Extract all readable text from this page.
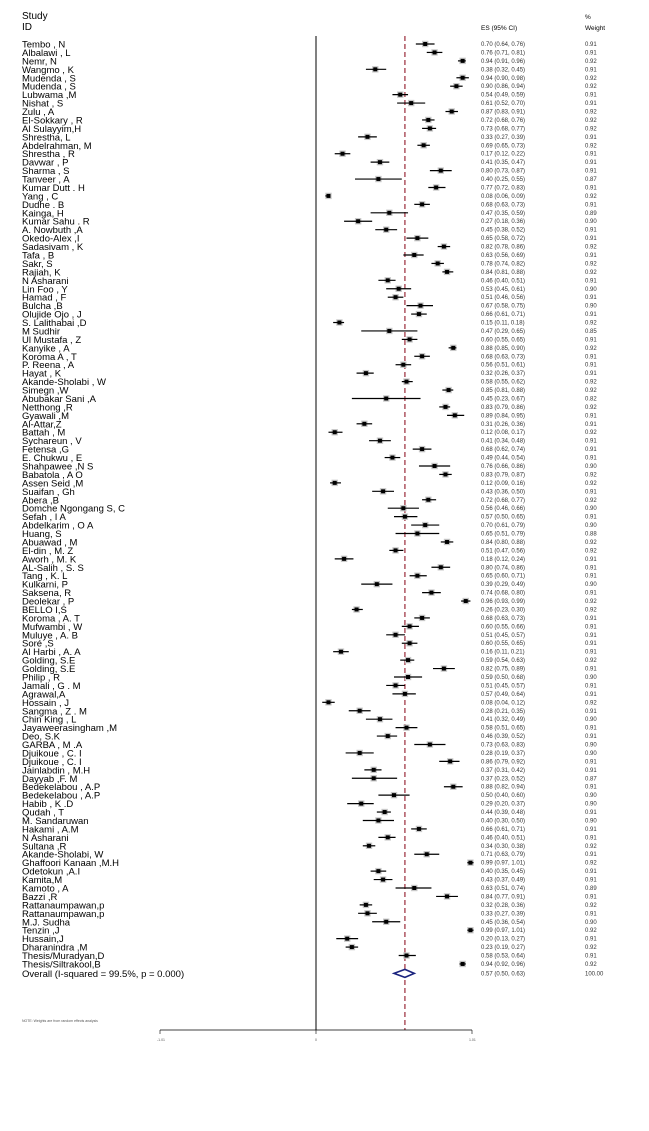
Study
ID	ES (95% CI)
%
Weight
-1.01	0	1.01
Tembo , N	0.70 (0.64, 0.76)	0.91
Albalawi , L	0.76 (0.71, 0.81)	0.91
Nemr, N	0.94 (0.91, 0.96)	0.92
Wangmo , K	0.38 (0.32, 0.45)	0.91
Mudenda , S	0.94 (0.90, 0.98)	0.92
Mudenda , S	0.90 (0.86, 0.94)	0.92
Lubwama ,M	0.54 (0.49, 0.59)	0.91
Nishat , S	0.61 (0.52, 0.70)	0.91
Zulu , A	0.87 (0.83, 0.91)	0.92
El-Sokkary , R	0.72 (0.68, 0.76)	0.92
Al Sulayyim,H	0.73 (0.68, 0.77)	0.92
Shrestha, L	0.33 (0.27, 0.39)	0.91
Abdelrahman, M	0.69 (0.65, 0.73)	0.92
Shrestha , R	0.17 (0.12, 0.22)	0.91
Davwar , P	0.41 (0.35, 0.47)	0.91
Sharma , S	0.80 (0.73, 0.87)	0.91
Tanveer , A	0.40 (0.25, 0.55)	0.87
Kumar Dutt . H	0.77 (0.72, 0.83)	0.91
Yang , C	0.08 (0.06, 0.09)	0.92
Dudhe . B	0.68 (0.63, 0.73)	0.91
Kainga, H	0.47 (0.35, 0.59)	0.89
Kumar Sahu . R	0.27 (0.18, 0.36)	0.90
A. Nowbuth ,A	0.45 (0.38, 0.52)	0.91
Okedo-Alex ,I	0.65 (0.58, 0.72)	0.91
Sadasivam , K	0.82 (0.78, 0.86)	0.92
Tafa , B	0.63 (0.56, 0.69)	0.91
Sakr, S	0.78 (0.74, 0.82)	0.92
Rajiah, K	0.84 (0.81, 0.88)	0.92
N Asharani	0.46 (0.40, 0.51)	0.91
Lin Foo , Y	0.53 (0.45, 0.61)	0.90
Hamad , F	0.51 (0.46, 0.56)	0.91
Bulcha ,B	0.67 (0.58, 0.75)	0.90
Olujide Ojo , J	0.66 (0.61, 0.71)	0.91
S. Lalithabai ,D	0.15 (0.11, 0.18)	0.92
M Sudhir	0.47 (0.29, 0.65)	0.85
Ul Mustafa , Z	0.60 (0.55, 0.65)	0.91
Kanyike , A	0.88 (0.85, 0.90)	0.92
Koroma A , T	0.68 (0.63, 0.73)	0.91
P. Reena , A	0.56 (0.51, 0.61)	0.91
Hayat , K	0.32 (0.26, 0.37)	0.91
Akande-Sholabi , W	0.58 (0.55, 0.62)	0.92
Simegn ,W	0.85 (0.81, 0.88)	0.92
Abubakar Sani ,A	0.45 (0.23, 0.67)	0.82
Netthong ,R	0.83 (0.79, 0.86)	0.92
Gyawali ,M	0.89 (0.84, 0.95)	0.91
Al-Attar,Z	0.31 (0.26, 0.36)	0.91
Battah , M	0.12 (0.08, 0.17)	0.92
Sychareun , V	0.41 (0.34, 0.48)	0.91
Fetensa ,G	0.68 (0.62, 0.74)	0.91
E. Chukwu , E	0.49 (0.44, 0.54)	0.91
Shahpawee ,N S	0.76 (0.66, 0.86)	0.90
Babatola , A O	0.83 (0.79, 0.87)	0.92
Assen Seid ,M	0.12 (0.09, 0.16)	0.92
Suaifan , Gh	0.43 (0.36, 0.50)	0.91
Abera ,B	0.72 (0.68, 0.77)	0.92
Domche Ngongang S, C	0.56 (0.46, 0.66)	0.90
Sefah , I A	0.57 (0.50, 0.65)	0.91
Abdelkarim , O A	0.70 (0.61, 0.79)	0.90
Huang, S	0.65 (0.51, 0.79)	0.88
Abuawad , M	0.84 (0.80, 0.88)	0.92
El-din , M. Z	0.51 (0.47, 0.56)	0.92
Aworh , M. K	0.18 (0.12, 0.24)	0.91
AL-Salih , S. S	0.80 (0.74, 0.86)	0.91
Tang , K. L	0.65 (0.60, 0.71)	0.91
Kulkarni, P	0.39 (0.29, 0.49)	0.90
Saksena, R	0.74 (0.68, 0.80)	0.91
Deolekar , P	0.96 (0.93, 0.99)	0.92
BELLO I,S	0.26 (0.23, 0.30)	0.92
Koroma , A. T	0.68 (0.63, 0.73)	0.91
Mufwambi , W	0.60 (0.55, 0.66)	0.91
Muluye , A. B	0.51 (0.45, 0.57)	0.91
Soré ,S	0.60 (0.55, 0.65)	0.91
Al Harbi , A. A	0.16 (0.11, 0.21)	0.91
Golding, S.E	0.59 (0.54, 0.63)	0.92
Golding, S.E	0.82 (0.75, 0.89)	0.91
Philip , R	0.59 (0.50, 0.68)	0.90
Jamali , G . M	0.51 (0.45, 0.57)	0.91
Agrawal,A	0.57 (0.49, 0.64)	0.91
Hossain , J	0.08 (0.04, 0.12)	0.92
Sangma , Z . M	0.28 (0.21, 0.35)	0.91
Chin King , L	0.41 (0.32, 0.49)	0.90
Jayaweerasingham ,M	0.58 (0.51, 0.65)	0.91
Deo, S.K	0.46 (0.39, 0.52)	0.91
GARBA , M .A	0.73 (0.63, 0.83)	0.90
Djuikoue , C. I	0.28 (0.19, 0.37)	0.90
Djuikoue , C. I	0.86 (0.79, 0.92)	0.91
Jainlabdin , M.H	0.37 (0.31, 0.42)	0.91
Dayyab ,F. M	0.37 (0.23, 0.52)	0.87
Bedekelabou , A.P	0.88 (0.82, 0.94)	0.91
Bedekelabou , A.P	0.50 (0.40, 0.60)	0.90
Habib , K .D	0.29 (0.20, 0.37)	0.90
Qudah , T	0.44 (0.39, 0.48)	0.91
M. Sandaruwan	0.40 (0.30, 0.50)	0.90
Hakami , A.M	0.66 (0.61, 0.71)	0.91
N Asharani	0.46 (0.40, 0.51)	0.91
Sultana ,R	0.34 (0.30, 0.38)	0.92
Akande-Sholabi, W	0.71 (0.63, 0.79)	0.91
Ghaffoori Kanaan ,M.H	0.99 (0.97, 1.01)	0.92
Odetokun ,A.I	0.40 (0.35, 0.45)	0.91
Kamita,M	0.43 (0.37, 0.49)	0.91
Kamoto , A	0.63 (0.51, 0.74)	0.89
Bazzi ,R	0.84 (0.77, 0.91)	0.91
Rattanaumpawan,p	0.32 (0.28, 0.36)	0.92
Rattanaumpawan,p	0.33 (0.27, 0.39)	0.91
M.J. Sudha	0.45 (0.36, 0.54)	0.90
Tenzin ,J	0.99 (0.97, 1.01)	0.92
Hussain,J	0.20 (0.13, 0.27)	0.91
Dharanindra ,M	0.23 (0.19, 0.27)	0.92
Thesis/Muradyan,D	0.58 (0.53, 0.64)	0.91
Thesis/Siltrakool,B	0.94 (0.92, 0.96)	0.92
Overall (I-squared = 99.5%, p = 0.000)	0.57 (0.50, 0.63)	100.00
NOTE: Weights are from random effects analysis
